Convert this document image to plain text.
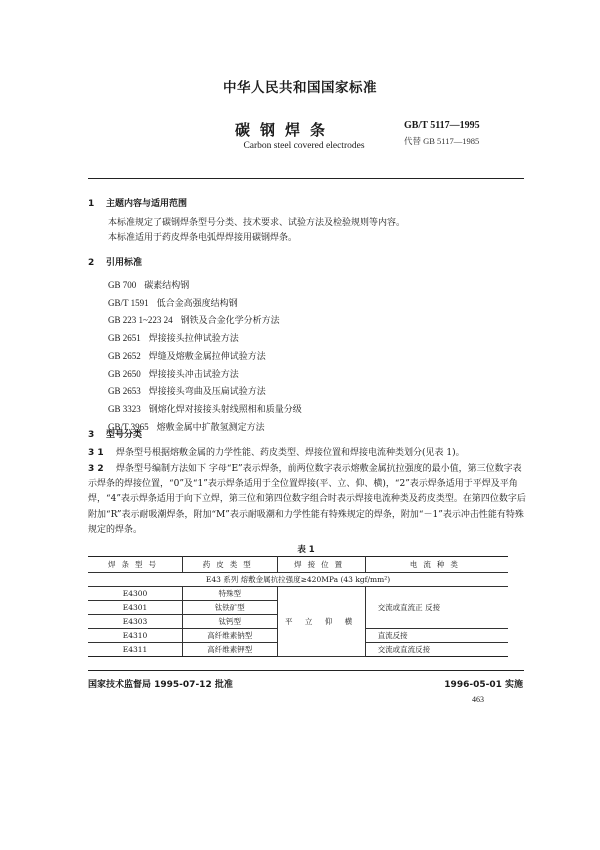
中华人民共和国国家标准
碳钢焊条	GB/T 5117—1995
代替 GB 5117—1985
Carbon steel covered electrodes
1 主题内容与适用范围
本标准规定了碳钢焊条型号分类、技术要求、试验方法及检验规则等内容。
本标准适用于药皮焊条电弧焊焊接用碳钢焊条。
2 引用标准
GB 700 碳素结构钢
GB/T 1591 低合金高强度结构钢
GB 223 1~223 24 钢铁及合金化学分析方法
GB 2651 焊接接头拉伸试验方法
GB 2652 焊缝及熔敷金属拉伸试验方法
GB 2650 焊接接头冲击试验方法
GB 2653 焊接接头弯曲及压扁试验方法
GB 3323 钢熔化焊对接接头射线照相和质量分级
GB/T 3965 熔敷金属中扩散氢测定方法
3 型号分类
3 1 焊条型号根据熔敷金属的力学性能、药皮类型、焊接位置和焊接电流种类划分(见表 1)。
3 2 焊条型号编制方法如下 字母“E”表示焊条，前两位数字表示熔敷金属抗拉强度的最小值，第三位数字表示焊条的焊接位置，“0”及“1”表示焊条适用于全位置焊接(平、立、仰、横)，“2”表示焊条适用于平焊及平角焊，“4”表示焊条适用于向下立焊，第三位和第四位数字组合时表示焊接电流种类及药皮类型。在第四位数字后附加“R”表示耐吸潮焊条，附加“M”表示耐吸潮和力学性能有特殊规定的焊条，附加“－1”表示冲击性能有特殊规定的焊条。
表 1
焊条型号	药皮类型	焊接位置	电流种类
E43 系列 熔敷金属抗拉强度≥420MPa (43 kgf/mm²)			
E4300	特殊型	平 立 仰 横	交流或直流正 反接
E4301	钛铁矿型		
E4303	钛钙型		
E4310	高纤维素钠型		直流反接
E4311	高纤维素钾型		交流或直流反接
国家技术监督局 1995-07-12 批准	1996-05-01 实施
463
